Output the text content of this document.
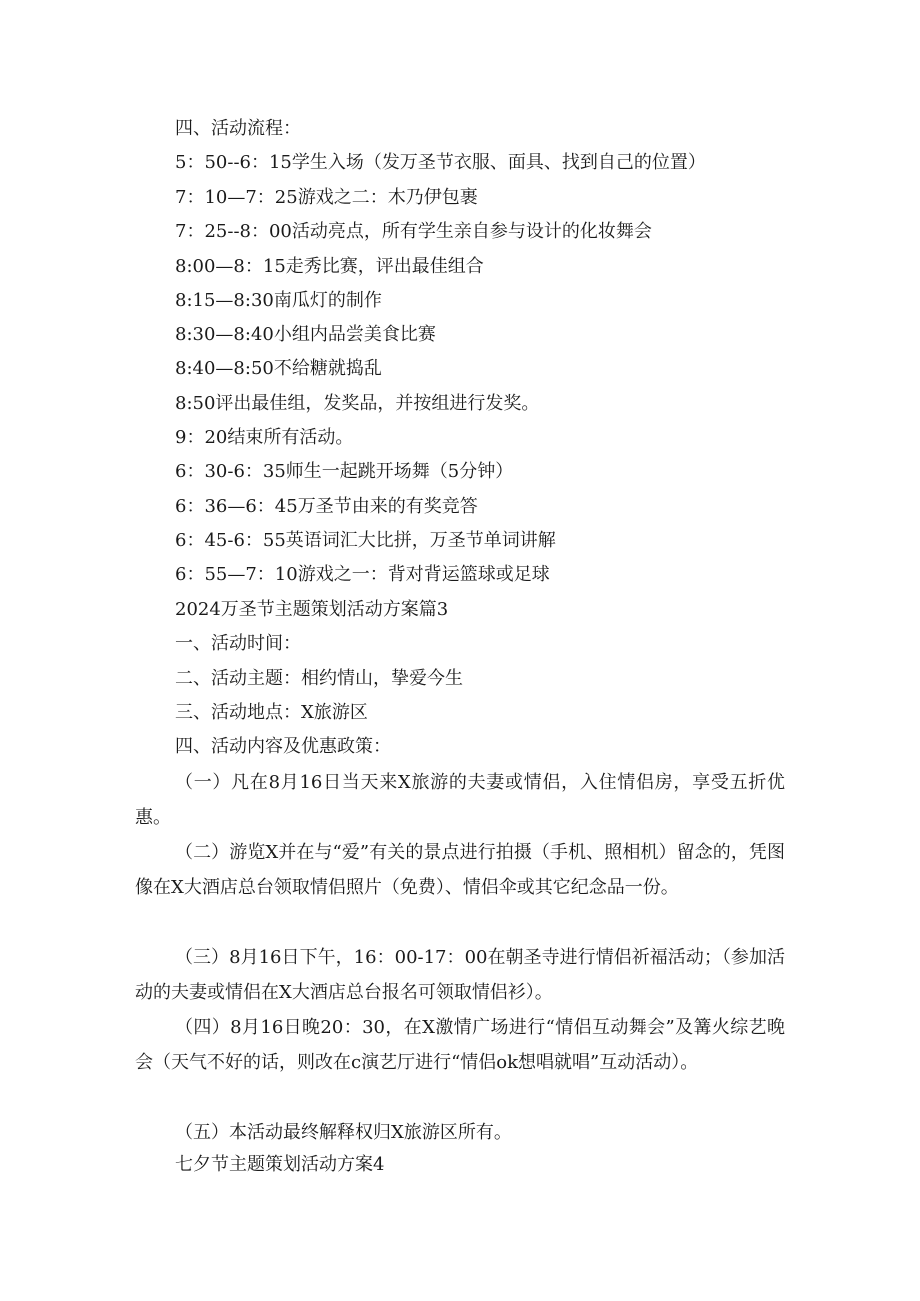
四、活动流程：
5：50--6：15学生入场（发万圣节衣服、面具、找到自己的位置）
7：10—7：25游戏之二：木乃伊包裹
7：25--8：00活动亮点，所有学生亲自参与设计的化妆舞会
8:00—8：15走秀比赛，评出最佳组合
8:15—8:30南瓜灯的制作
8:30—8:40小组内品尝美食比赛
8:40—8:50不给糖就捣乱
8:50评出最佳组，发奖品，并按组进行发奖。
9：20结束所有活动。
6：30-6：35师生一起跳开场舞（5分钟）
6：36—6：45万圣节由来的有奖竞答
6：45-6：55英语词汇大比拼，万圣节单词讲解
6：55—7：10游戏之一：背对背运篮球或足球
2024万圣节主题策划活动方案篇3
一、活动时间：
二、活动主题：相约情山，挚爱今生
三、活动地点：X旅游区
四、活动内容及优惠政策：
（一）凡在8月16日当天来X旅游的夫妻或情侣，入住情侣房，享受五折优惠。
（二）游览X并在与“爱”有关的景点进行拍摄（手机、照相机）留念的，凭图像在X大酒店总台领取情侣照片（免费）、情侣伞或其它纪念品一份。
（三）8月16日下午，16：00-17：00在朝圣寺进行情侣祈福活动；（参加活动的夫妻或情侣在X大酒店总台报名可领取情侣衫）。
（四）8月16日晚20：30，在X激情广场进行“情侣互动舞会”及篝火综艺晚会（天气不好的话，则改在c演艺厅进行“情侣ok想唱就唱”互动活动）。
（五）本活动最终解释权归X旅游区所有。
七夕节主题策划活动方案4
